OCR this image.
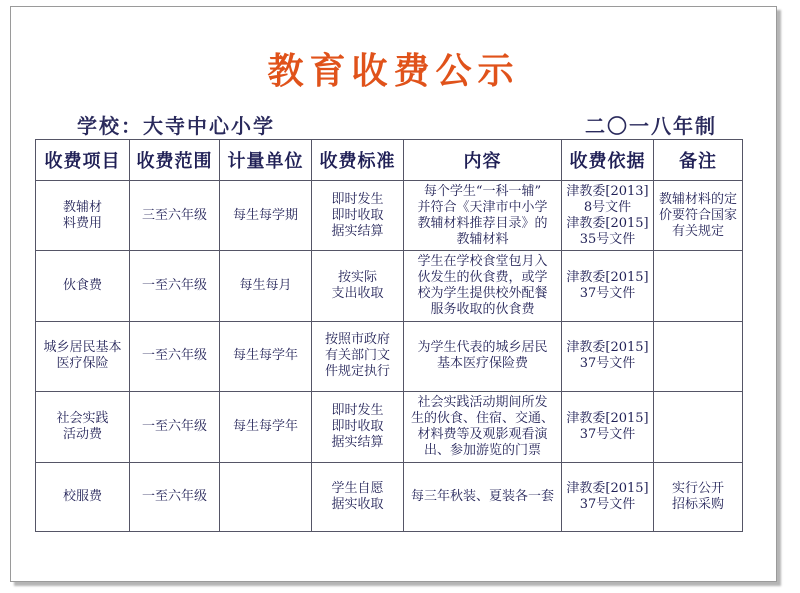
教育收费公示
学校：大寺中心小学	二〇一八年制
收费项目	收费范围	计量单位	收费标准	内容	收费依据	备注
教辅材
料费用	三至六年级	每生每学期	即时发生
即时收取
据实结算	每个学生“一科一辅”
并符合《天津市中小学
教辅材料推荐目录》的
教辅材料	津教委[2013]
8号文件
津教委[2015]
35号文件	教辅材料的定
价要符合国家
有关规定
伙食费	一至六年级	每生每月	按实际
支出收取	学生在学校食堂包月入
伙发生的伙食费，或学
校为学生提供校外配餐
服务收取的伙食费	津教委[2015]
37号文件	
城乡居民基本
医疗保险	一至六年级	每生每学年	按照市政府
有关部门文
件规定执行	为学生代表的城乡居民
基本医疗保险费	津教委[2015]
37号文件	
社会实践
活动费	一至六年级	每生每学年	即时发生
即时收取
据实结算	社会实践活动期间所发
生的伙食、住宿、交通、
材料费等及观影观看演
出、参加游览的门票	津教委[2015]
37号文件	
校服费	一至六年级		学生自愿
据实收取	每三年秋装、夏装各一套	津教委[2015]
37号文件	实行公开
招标采购
